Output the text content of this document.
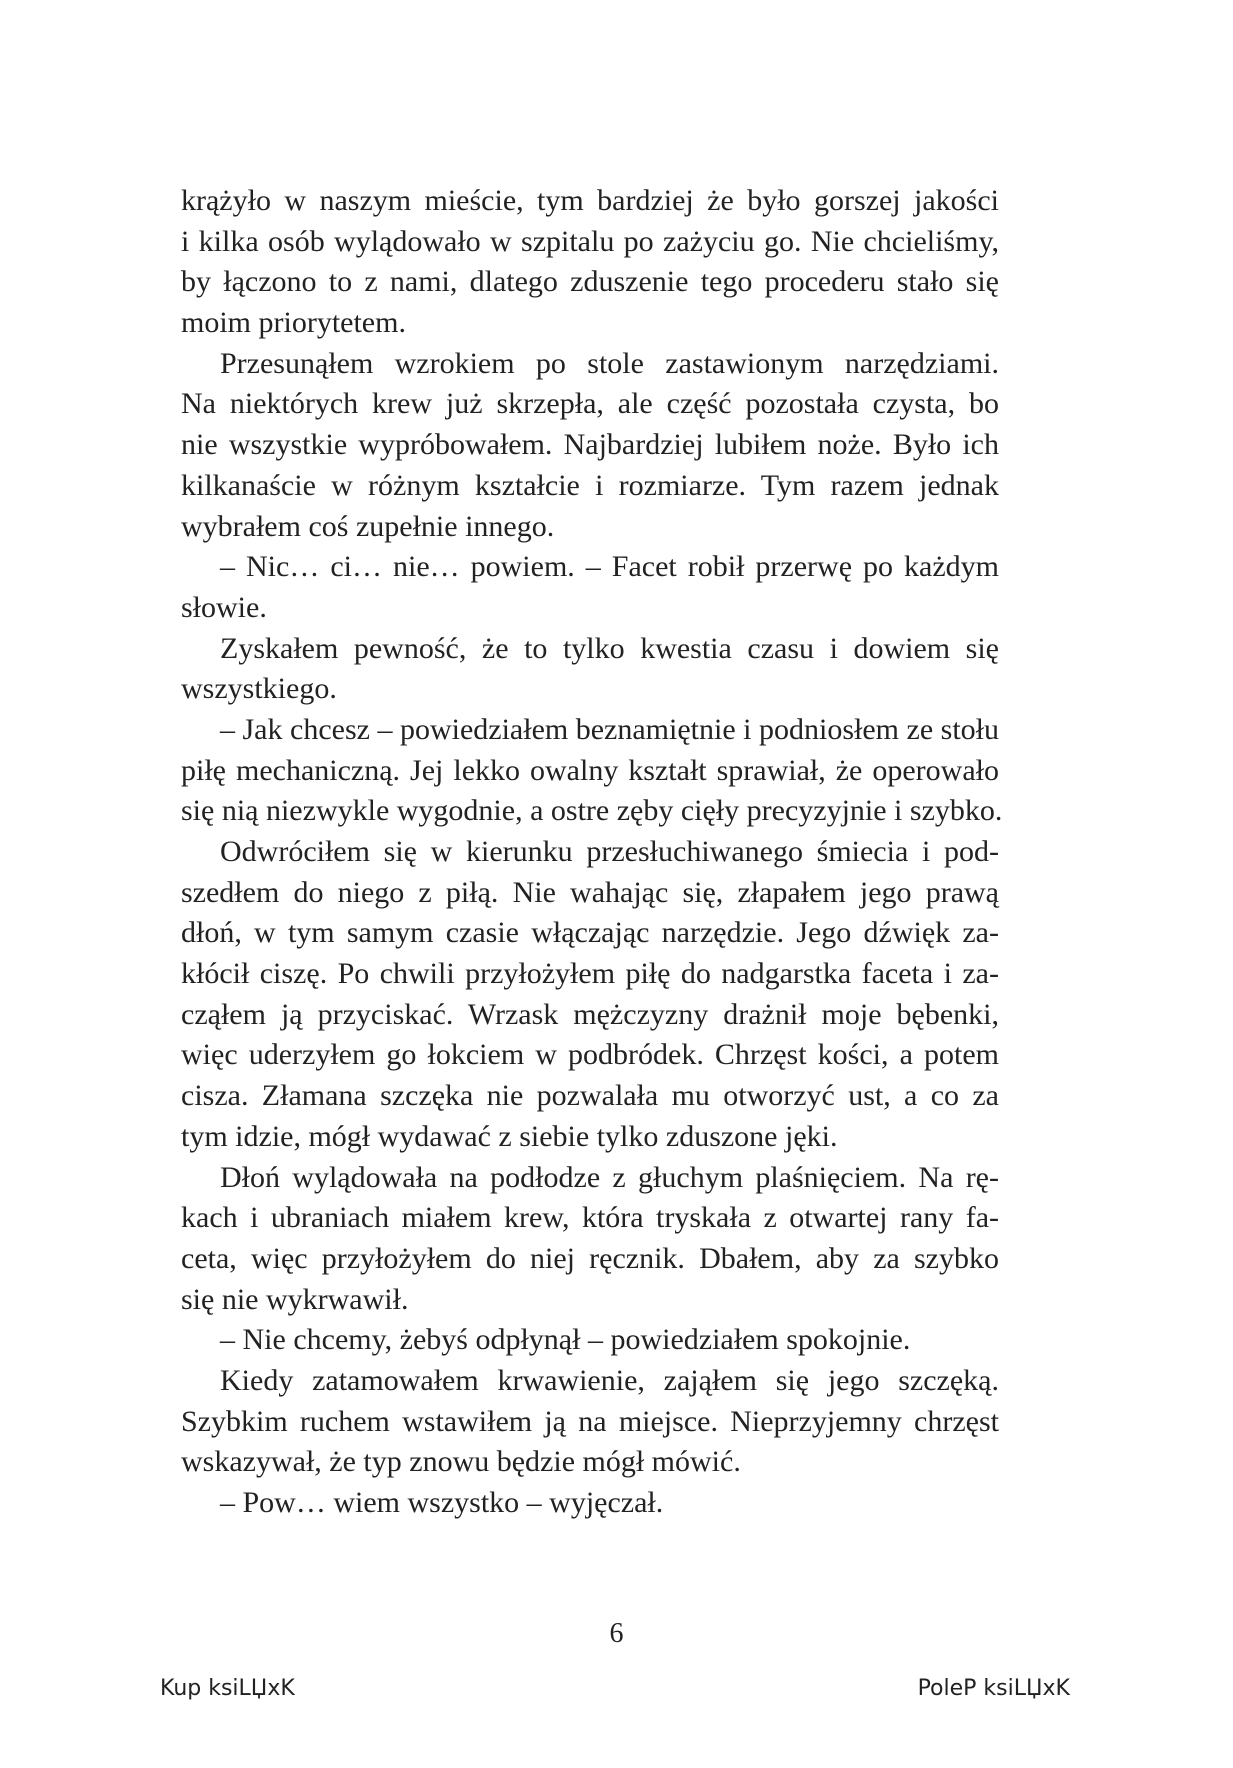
krążyło w naszym mieście, tym bardziej że było gorszej jakości
i kilka osób wylądowało w szpitalu po zażyciu go. Nie chcieliśmy,
by łączono to z nami, dlatego zduszenie tego procederu stało się
moim priorytetem.
Przesunąłem wzrokiem po stole zastawionym narzędziami.
Na niektórych krew już skrzepła, ale część pozostała czysta, bo
nie wszystkie wypróbowałem. Najbardziej lubiłem noże. Było ich
kilkanaście w różnym kształcie i rozmiarze. Tym razem jednak
wybrałem coś zupełnie innego.
– Nic… ci… nie… powiem. – Facet robił przerwę po każdym
słowie.
Zyskałem pewność, że to tylko kwestia czasu i dowiem się
wszystkiego.
– Jak chcesz – powiedziałem beznamiętnie i podniosłem ze stołu
piłę mechaniczną. Jej lekko owalny kształt sprawiał, że operowało
się nią niezwykle wygodnie, a ostre zęby cięły precyzyjnie i szybko.
Odwróciłem się w kierunku przesłuchiwanego śmiecia i pod-
szedłem do niego z piłą. Nie wahając się, złapałem jego prawą
dłoń, w tym samym czasie włączając narzędzie. Jego dźwięk za-
kłócił ciszę. Po chwili przyłożyłem piłę do nadgarstka faceta i za-
cząłem ją przyciskać. Wrzask mężczyzny drażnił moje bębenki,
więc uderzyłem go łokciem w podbródek. Chrzęst kości, a potem
cisza. Złamana szczęka nie pozwalała mu otworzyć ust, a co za
tym idzie, mógł wydawać z siebie tylko zduszone jęki.
Dłoń wylądowała na podłodze z głuchym plaśnięciem. Na rę-
kach i ubraniach miałem krew, która tryskała z otwartej rany fa-
ceta, więc przyłożyłem do niej ręcznik. Dbałem, aby za szybko
się nie wykrwawił.
– Nie chcemy, żebyś odpłynął – powiedziałem spokojnie.
Kiedy zatamowałem krwawienie, zająłem się jego szczęką.
Szybkim ruchem wstawiłem ją na miejsce. Nieprzyjemny chrzęst
wskazywał, że typ znowu będzie mógł mówić.
– Pow… wiem wszystko – wyjęczał.
6
Kup ksiLЏxK	PoleP ksiLЏxK
